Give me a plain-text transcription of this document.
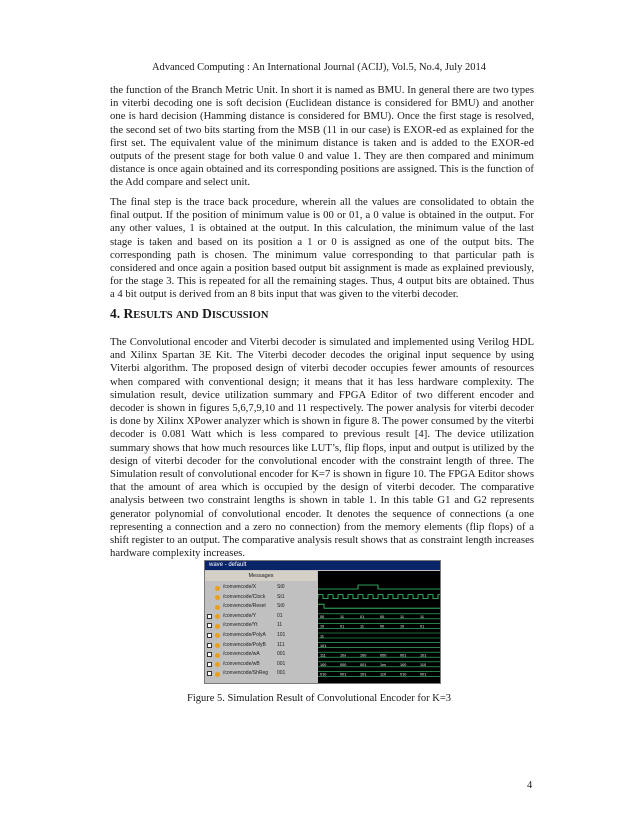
Advanced Computing : An International Journal (ACIJ), Vol.5, No.4, July 2014

the function of the Branch Metric Unit. In short it is named as BMU. In general there are two types in viterbi decoding one is soft decision (Euclidean distance is considered for BMU) and another one is hard decision (Hamming distance is considered for BMU). Once the first stage is resolved, the second set of two bits starting from the MSB (11 in our case) is EXOR-ed as explained for the first set. The equivalent value of the minimum distance is taken and is added to the EXOR-ed outputs of the present stage for both value 0 and value 1. They are then compared and minimum distance is once again obtained and its corresponding positions are assigned. This is the function of the Add compare and select unit.

The final step is the trace back procedure, wherein all the values are consolidated to obtain the final output. If the position of minimum value is 00 or 01, a 0 value is obtained in the output. For any other values, 1 is obtained at the output. In this calculation, the minimum value of the last stage is taken and based on its position a 1 or 0 is assigned as one of the output bits. The corresponding path is chosen. The minimum value corresponding to that particular path is considered and once again a position based output bit assignment is made as explained previously, for the stage 3. This is repeated for all the remaining stages. Thus, 4 output bits are obtained. Thus a 4 bit output is derived from an 8 bits input that was given to the viterbi decoder.

4. RESULTS AND DISCUSSION

The Convolutional encoder and Viterbi decoder is simulated and implemented using Verilog HDL and Xilinx Spartan 3E Kit. The Viterbi decoder decodes the original input sequence by using Viterbi algorithm. The proposed design of viterbi decoder occupies fewer amounts of resources when compared with conventional design; it means that it has less hardware complexity. The simulation result, device utilization summary and FPGA Editor of two different encoder and decoder is shown in figures 5,6,7,9,10 and 11 respectively. The power analysis for viterbi decoder is done by Xilinx XPower analyzer which is shown in figure 8. The power consumed by the viterbi decoder is 0.081 Watt which is less compared to previous result [4]. The device utilization summary shows that how much resources like LUT’s, flip flops, input and output is utilized by the design of viterbi decoder for the convolutional encoder with the constraint length of three. The Simulation result of convolutional encoder for K=7 is shown in figure 10. The FPGA Editor shows that the amount of area which is occupied by the design of viterbi decoder. The comparative analysis between two constraint lengths is shown in table 1. In this table G1 and G2 represents generator polynomial of convolutional encoder. It denotes the sequence of connections (a one representing a connection and a zero no connection) from the memory elements (flip flops) of a shift register to an output. The comparative analysis result shows that as constraint length increases hardware complexity increases.

wave - default
Messages
/convencode/X	St0
/convencode/Clock St1
/convencode/Reset St0
/convencode/Y	01
/convencode/Yt	11
/convencode/PolyA 101
/convencode/PolyB 111
/convencode/wA	001
/convencode/wB	001
/convencode/ShReg 001
00	11	01	00	11	11
10	01	11	00	10	01
11
101
111	10x	100	000	001	101
100	000	001	1xx	100	110
010	001	101	110	010	001
Figure 5. Simulation Result of Convolutional Encoder for K=3
4
